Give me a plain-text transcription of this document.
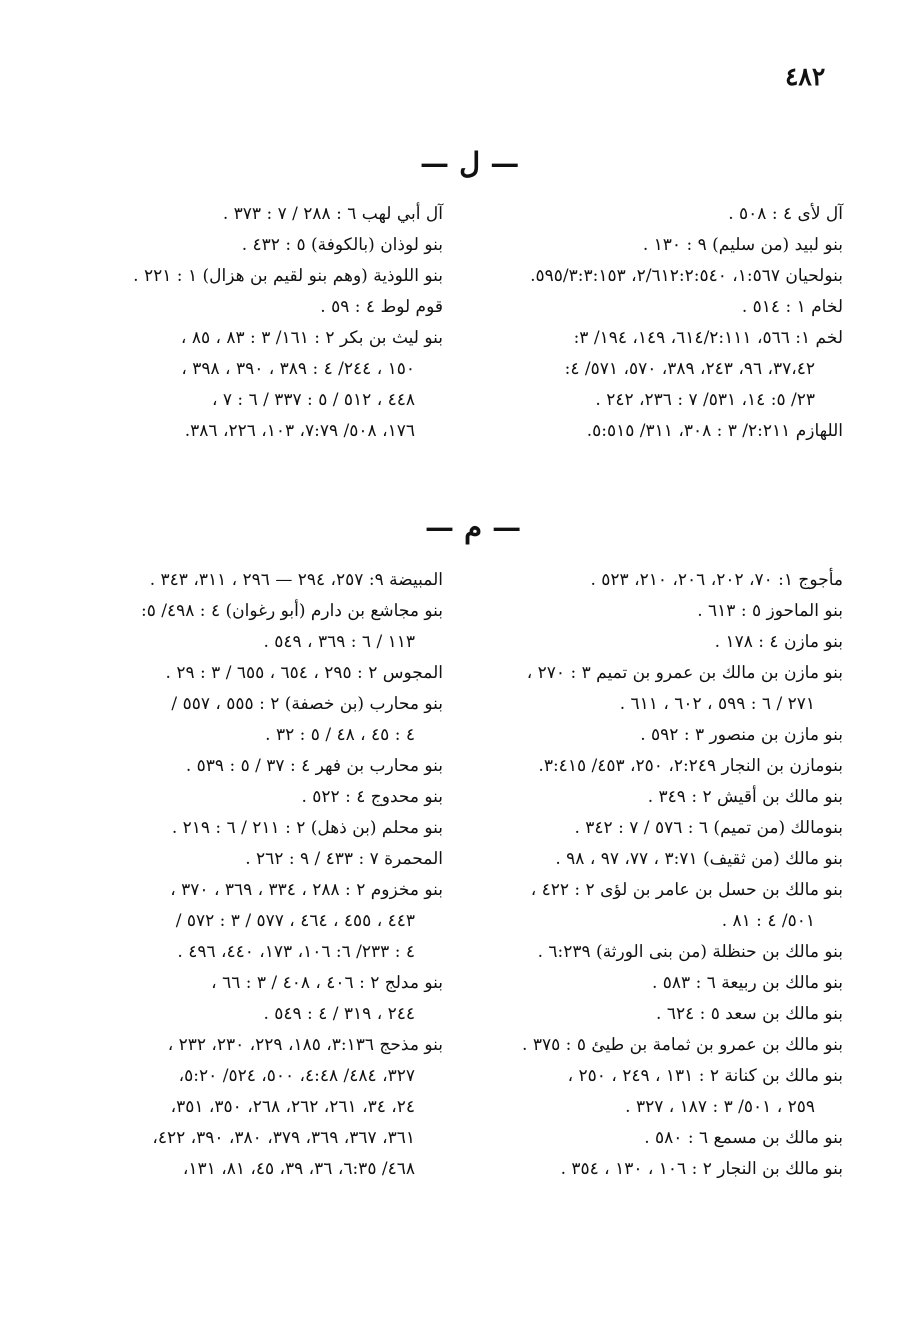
٤٨٢
— ل —
آل لأى ٤ : ٥٠٨ .
بنو لبيد (من سليم) ٩ : ١٣٠ .
بنولحيان ١:٥٦٧، ٢/٦١٢:٢:٥٤٠، ٥٩٥/٣:٣:١٥٣.
لخام ١ : ٥١٤ .
لخم ١: ٥٦٦، ٦١٤/٢:١١١، ١٤٩، ١٩٤/ ٣:
٣٧،٤٢، ٩٦، ٢٤٣، ٣٨٩، ٥٧٠، ٥٧١/ ٤:
٢٣/ ٥: ١٤، ٥٣١/ ٧ : ٢٣٦، ٢٤٢ .
اللهازم ٢:٢١١/ ٣ : ٣٠٨، ٣١١/ ٥:٥١٥.
آل أبي لهب ٦ : ٢٨٨ / ٧ : ٣٧٣ .
بنو لوذان (بالكوفة) ٥ : ٤٣٢ .
بنو اللوذية (وهم بنو لقيم بن هزال) ١ : ٢٢١ .
قوم لوط ٤ : ٥٩ .
بنو ليث بن بكر ٢ : ١٦١/ ٣ : ٨٣ ، ٨٥ ،
١٥٠ ، ٢٤٤/ ٤ : ٣٨٩ ، ٣٩٠ ، ٣٩٨ ،
٤٤٨ ، ٥١٢ / ٥ : ٣٣٧ / ٦ : ٧ ،
١٧٦، ٥٠٨/ ٧:٧٩، ١٠٣، ٢٢٦، ٣٨٦.
— م —
مأجوج ١: ٧٠، ٢٠٢، ٢٠٦، ٢١٠، ٥٢٣ .
بنو الماحوز ٥ : ٦١٣ .
بنو مازن ٤ : ١٧٨ .
بنو مازن بن مالك بن عمرو بن تميم ٣ : ٢٧٠ ،
٢٧١ / ٦ : ٥٩٩ ، ٦٠٢ ، ٦١١ .
بنو مازن بن منصور ٣ : ٥٩٢ .
بنومازن بن النجار ٢:٢٤٩، ٢٥٠، ٤٥٣/ ٣:٤١٥.
بنو مالك بن أقيش ٢ : ٣٤٩ .
بنومالك (من تميم) ٦ : ٥٧٦ / ٧ : ٣٤٢ .
بنو مالك (من ثقيف) ٣:٧١ ، ٧٧، ٩٧ ، ٩٨ .
بنو مالك بن حسل بن عامر بن لؤى ٢ : ٤٢٢ ،
٥٠١/ ٤ : ٨١ .
بنو مالك بن حنظلة (من بنى الورثة) ٦:٢٣٩ .
بنو مالك بن ربيعة ٦ : ٥٨٣ .
بنو مالك بن سعد ٥ : ٦٢٤ .
بنو مالك بن عمرو بن ثمامة بن طيئ ٥ : ٣٧٥ .
بنو مالك بن كنانة ٢ : ١٣١ ، ٢٤٩ ، ٢٥٠ ،
٢٥٩ ، ٥٠١/ ٣ : ١٨٧ ، ٣٢٧ .
بنو مالك بن مسمع ٦ : ٥٨٠ .
بنو مالك بن النجار ٢ : ١٠٦ ، ١٣٠ ، ٣٥٤ .
المبيضة ٩: ٢٥٧، ٢٩٤ — ٢٩٦ ، ٣١١، ٣٤٣ .
بنو مجاشع بن دارم (أبو رغوان) ٤ : ٤٩٨/ ٥:
١١٣ / ٦ : ٣٦٩ ، ٥٤٩ .
المجوس ٢ : ٢٩٥ ، ٦٥٤ ، ٦٥٥ / ٣ : ٢٩ .
بنو محارب (بن خصفة) ٢ : ٥٥٥ ، ٥٥٧ /
٤ : ٤٥ ، ٤٨ / ٥ : ٣٢ .
بنو محارب بن فهر ٤ : ٣٧ / ٥ : ٥٣٩ .
بنو محدوج ٤ : ٥٢٢ .
بنو محلم (بن ذهل) ٢ : ٢١١ / ٦ : ٢١٩ .
المحمرة ٧ : ٤٣٣ / ٩ : ٢٦٢ .
بنو مخزوم ٢ : ٢٨٨ ، ٣٣٤ ، ٣٦٩ ، ٣٧٠ ،
٤٤٣ ، ٤٥٥ ، ٤٦٤ ، ٥٧٧ / ٣ : ٥٧٢ /
٤ : ٢٣٣/ ٦: ١٠٦، ١٧٣، ٤٤٠، ٤٩٦ .
بنو مدلج ٢ : ٤٠٦ ، ٤٠٨ / ٣ : ٦٦ ،
٢٤٤ ، ٣١٩ / ٤ : ٥٤٩ .
بنو مذحج ٣:١٣٦، ١٨٥، ٢٢٩، ٢٣٠، ٢٣٢ ،
٣٢٧، ٤٨٤/ ٤:٤٨، ٥٠٠، ٥٢٤/ ٥:٢٠،
٢٤، ٣٤، ٢٦١، ٢٦٢، ٢٦٨، ٣٥٠، ٣٥١،
٣٦١، ٣٦٧، ٣٦٩، ٣٧٩، ٣٨٠، ٣٩٠، ٤٢٢،
٤٦٨/ ٦:٣٥، ٣٦، ٣٩، ٤٥، ٨١، ١٣١،
